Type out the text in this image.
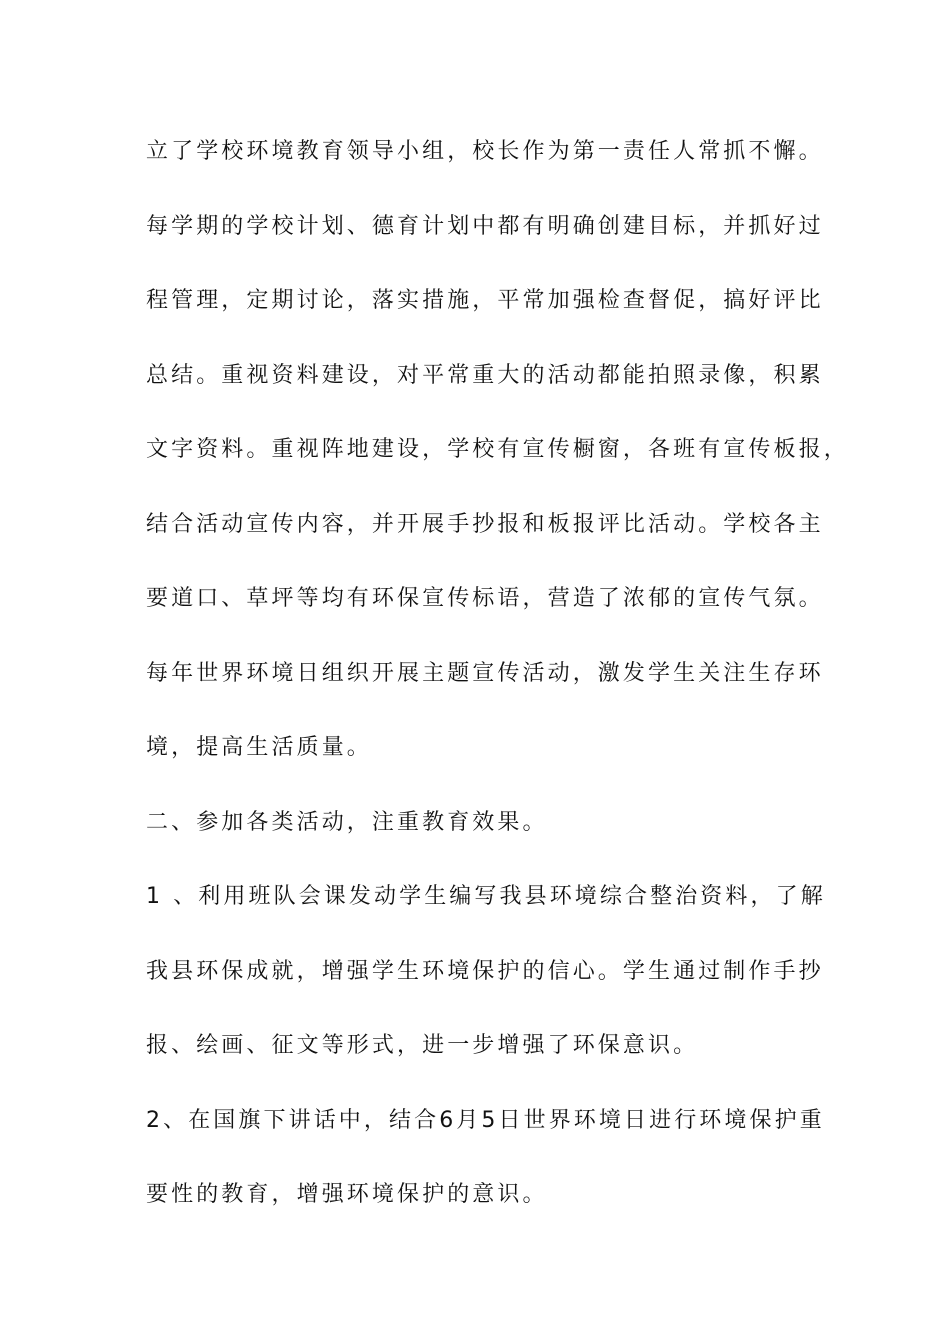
立了学校环境教育领导小组，校长作为第一责任人常抓不懈。
每学期的学校计划、德育计划中都有明确创建目标，并抓好过
程管理，定期讨论，落实措施，平常加强检查督促，搞好评比
总结。重视资料建设，对平常重大的活动都能拍照录像，积累
文字资料。重视阵地建设，学校有宣传橱窗，各班有宣传板报，
结合活动宣传内容，并开展手抄报和板报评比活动。学校各主
要道口、草坪等均有环保宣传标语，营造了浓郁的宣传气氛。
每年世界环境日组织开展主题宣传活动，激发学生关注生存环
境，提高生活质量。
二、参加各类活动，注重教育效果。
1 、利用班队会课发动学生编写我县环境综合整治资料，了解
我县环保成就，增强学生环境保护的信心。学生通过制作手抄
报、绘画、征文等形式，进一步增强了环保意识。
2、在国旗下讲话中，结合6月5日世界环境日进行环境保护重
要性的教育，增强环境保护的意识。
